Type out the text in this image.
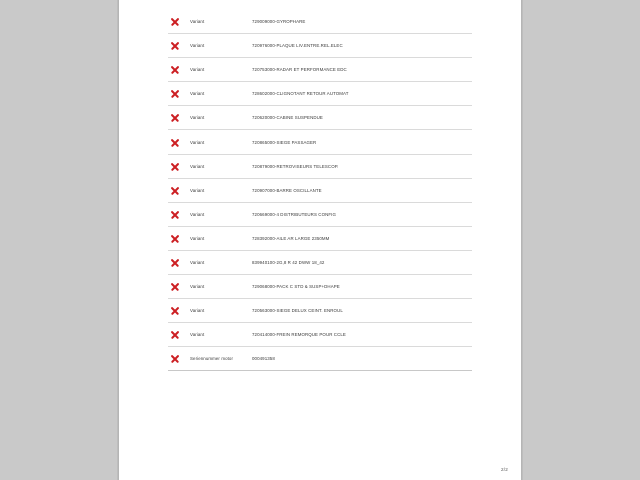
Variant	729009000-GYROPHARE
Variant	720976000-PLAQUE LIV.ENTRE.REL.ELEC
Variant	720753000-RADAR ET PERFORMANCE EDC
Variant	728602000-CLIGNOTANT RETOUR AUTOMAT
Variant	720620000-CABINE SUSPENDUE
Variant	720865000-SIEGE PASSAGER
Variant	720879000-RETROVISEURS TELESCOP.
Variant	720907000-BARRE OSCILLANTE
Variant	720669000-4 DISTRIBUTEURS CONFIG
Variant	728392000-AILE AR LARGE 2350MM
Variant	839940100-2G,8 R 42 DWW 18_42
Variant	729068000-PACK C STD & SUSP+DHAPE
Variant	720563000-SIEGE DELUX CEINT. ENROUL
Variant	720414000-FREIN REMORQUE POUR CCLE
Seriennummer motor	000491358
2/2
